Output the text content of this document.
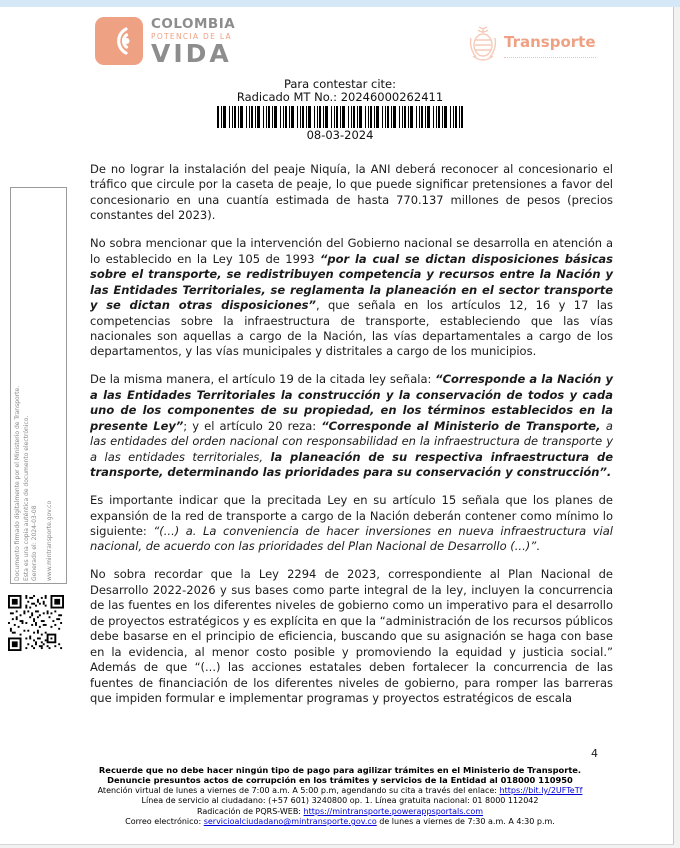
COLOMBIA
POTENCIA DE LA
VIDA	Transporte
Para contestar cite:
Radicado MT No.: 20246000262411
08-03-2024

De no lograr la instalación del peaje Niquía, la ANI deberá reconocer al concesionario el tráfico que circule por la caseta de peaje, lo que puede significar pretensiones a favor del concesionario en una cuantía estimada de hasta 770.137 millones de pesos (precios constantes del 2023).

No sobra mencionar que la intervención del Gobierno nacional se desarrolla en atención a lo establecido en la Ley 105 de 1993 “por la cual se dictan disposiciones básicas sobre el transporte, se redistribuyen competencia y recursos entre la Nación y las Entidades Territoriales, se reglamenta la planeación en el sector transporte y se dictan otras disposiciones”, que señala en los artículos 12, 16 y 17 las competencias sobre la infraestructura de transporte, estableciendo que las vías nacionales son aquellas a cargo de la Nación, las vías departamentales a cargo de los departamentos, y las vías municipales y distritales a cargo de los municipios.

De la misma manera, el artículo 19 de la citada ley señala: “Corresponde a la Nación y a las Entidades Territoriales la construcción y la conservación de todos y cada uno de los componentes de su propiedad, en los términos establecidos en la presente Ley”; y el artículo 20 reza: “Corresponde al Ministerio de Transporte, a las entidades del orden nacional con responsabilidad en la infraestructura de transporte y a las entidades territoriales, la planeación de su respectiva infraestructura de transporte, determinando las prioridades para su conservación y construcción”.

Es importante indicar que la precitada Ley en su artículo 15 señala que los planes de expansión de la red de transporte a cargo de la Nación deberán contener como mínimo lo siguiente: “(...) a. La conveniencia de hacer inversiones en nueva infraestructura vial nacional, de acuerdo con las prioridades del Plan Nacional de Desarrollo (...)”.

No sobra recordar que la Ley 2294 de 2023, correspondiente al Plan Nacional de Desarrollo 2022-2026 y sus bases como parte integral de la ley, incluyen la concurrencia de las fuentes en los diferentes niveles de gobierno como un imperativo para el desarrollo de proyectos estratégicos y es explícita en que la “administración de los recursos públicos debe basarse en el principio de eficiencia, buscando que su asignación se haga con base en la evidencia, al menor costo posible y promoviendo la equidad y justicia social.” Además de que “(...) las acciones estatales deben fortalecer la concurrencia de las fuentes de financiación de los diferentes niveles de gobierno, para romper las barreras que impiden formular e implementar programas y proyectos estratégicos de escala

4
Recuerde que no debe hacer ningún tipo de pago para agilizar trámites en el Ministerio de Transporte.
Denuncie presuntos actos de corrupción en los trámites y servicios de la Entidad al 018000 110950
Atención virtual de lunes a viernes de 7:00 a.m. A 5:00 p.m, agendando su cita a través del enlace: https://bit.ly/2UFTeTf
Línea de servicio al ciudadano: (+57 601) 3240800 op. 1. Línea gratuita nacional: 01 8000 112042
Radicación de PQRS-WEB: https://mintransporte.powerappsportals.com
Correo electrónico: servicioalciudadano@mintransporte.gov.co de lunes a viernes de 7:30 a.m. A 4:30 p.m.
Documento firmado digitalmente por el Ministerio de Transporte. Esta es una copia auténtica de documento electrónico. Generado el: 2024-03-08 www.mintransporte.gov.co
